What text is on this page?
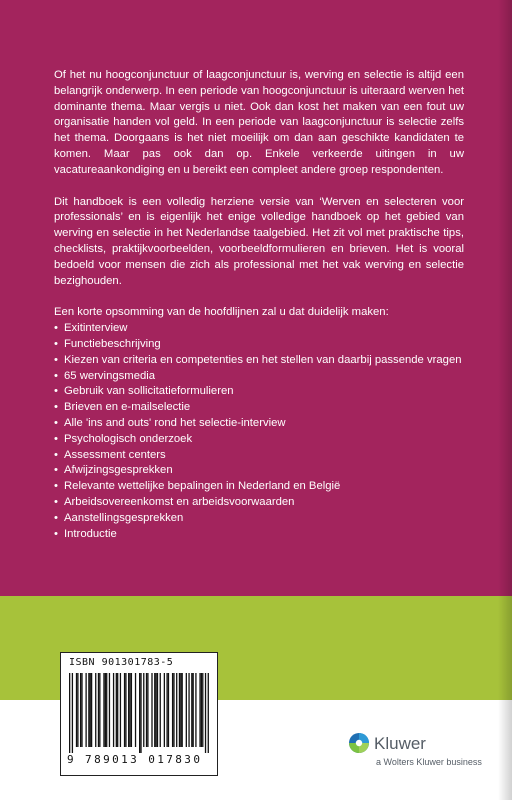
Of het nu hoogconjunctuur of laagconjunctuur is, werving en selectie is altijd een belangrijk onderwerp. In een periode van hoogconjunctuur is uiteraard werven het dominante thema. Maar vergis u niet. Ook dan kost het maken van een fout uw organisatie handen vol geld. In een periode van laagconjunctuur is selectie zelfs het thema. Doorgaans is het niet moeilijk om dan aan geschikte kandidaten te komen. Maar pas ook dan op. Enkele verkeerde uitingen in uw vacatureaankondiging en u bereikt een compleet andere groep respondenten.

Dit handboek is een volledig herziene versie van ‘Werven en selecteren voor professionals’ en is eigenlijk het enige volledige handboek op het gebied van werving en selectie in het Nederlandse taalgebied. Het zit vol met praktische tips, checklists, praktijkvoorbeelden, voorbeeldformulieren en brieven. Het is vooral bedoeld voor mensen die zich als professional met het vak werving en selectie bezighouden.

Een korte opsomming van de hoofdlijnen zal u dat duidelijk maken:

• Exitinterview
• Functiebeschrijving
• Kiezen van criteria en competenties en het stellen van daarbij passende vragen
• 65 wervingsmedia
• Gebruik van sollicitatieformulieren
• Brieven en e-mailselectie
• Alle 'ins and outs' rond het selectie-interview
• Psychologisch onderzoek
• Assessment centers
• Afwijzingsgesprekken
• Relevante wettelijke bepalingen in Nederland en België
• Arbeidsovereenkomst en arbeidsvoorwaarden
• Aanstellingsgesprekken
• Introductie
ISBN 901301783-5
9 789013 017830
Kluwer
a Wolters Kluwer business
